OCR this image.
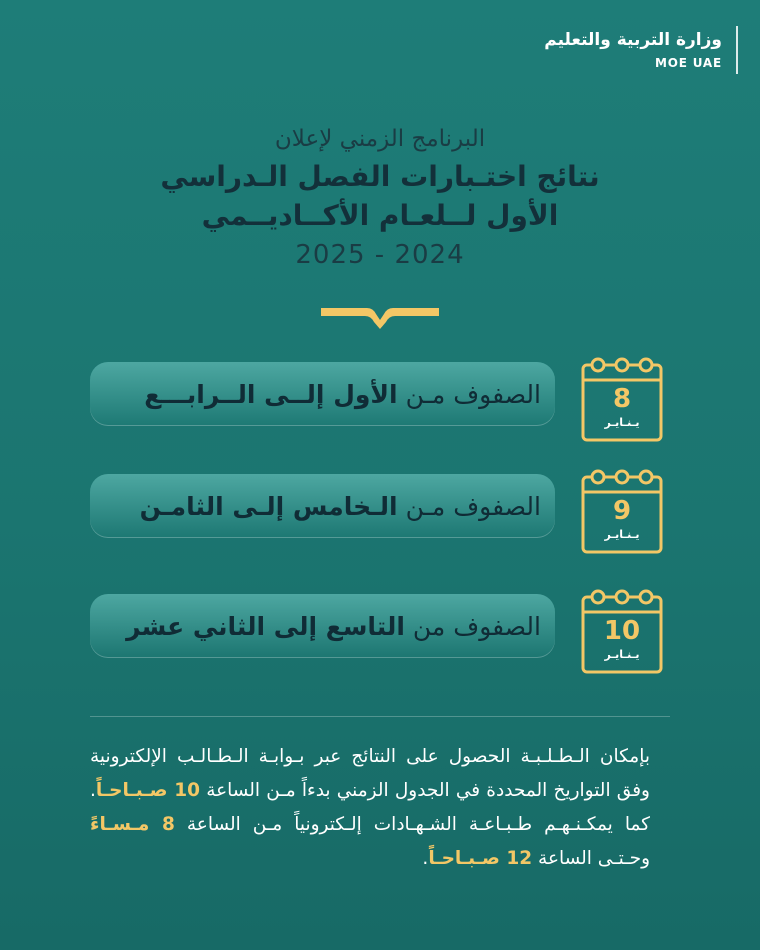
وزارة التربية والتعليم
MOE UAE
البرنامج الزمني لإعلان
نتائج اختـبارات الفصل الـدراسي
الأول لــلعـام الأكــاديــمي
2025 - 2024
الصفوف مـن الأول إلــى الــرابـــع	8
يـنـايـر
الصفوف مـن الـخامس إلـى الثامـن	9
يـنـايـر
الصفوف من التاسع إلى الثاني عشر	10
يـنـايـر
بإمكان الـطـلـبـة الحصول على النتائج عبر بـوابـة الـطـالـب الإلكترونية وفق التواريخ المحددة في الجدول الزمني بدءاً مـن الساعة 10 صـبـاحـاً. كما يمكـنـهـم طـبـاعـة الشـهـادات إلـكترونياً مـن الساعة 8 مـسـاءً وحـتـى الساعة 12 صـبـاحـاً.
